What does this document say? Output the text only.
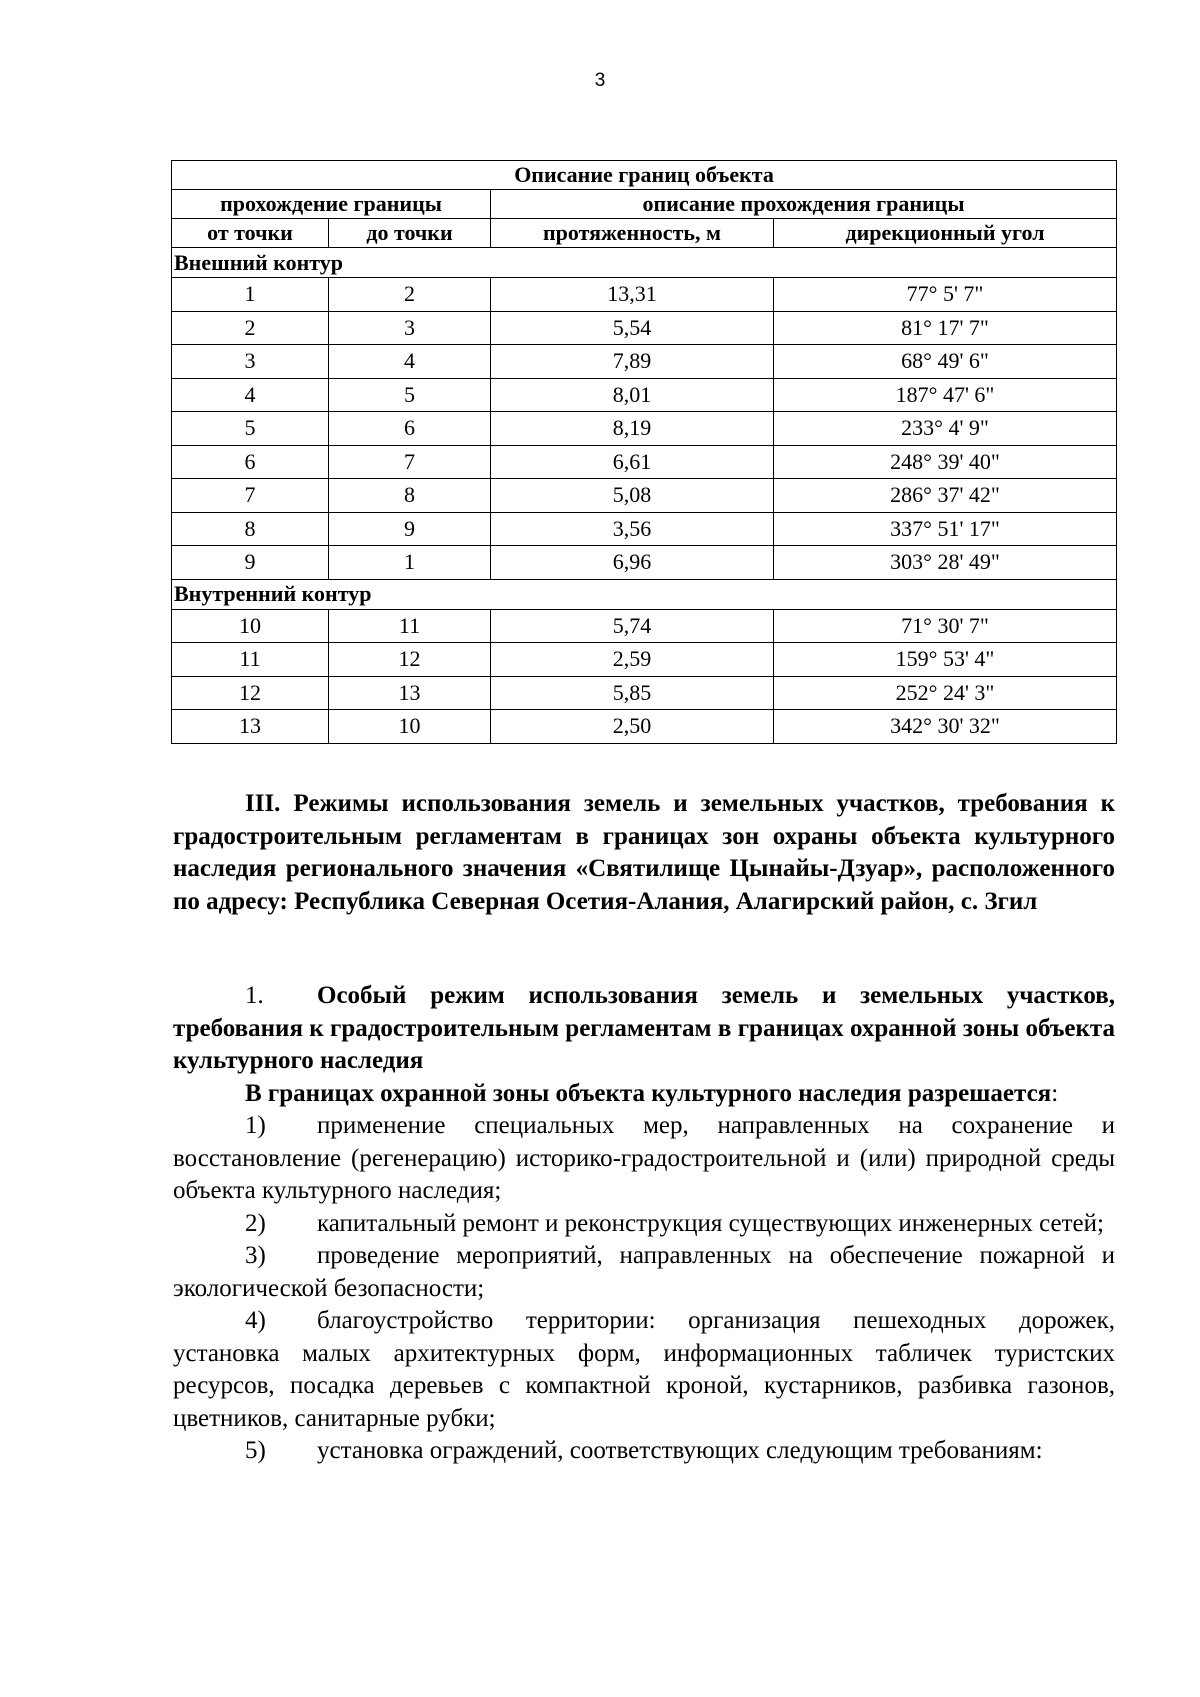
3
Описание границ объекта			
прохождение границы		описание прохождения границы	
от точки	до точки	протяженность, м	дирекционный угол
Внешний контур			
1	2	13,31	77° 5' 7"
2	3	5,54	81° 17' 7"
3	4	7,89	68° 49' 6"
4	5	8,01	187° 47' 6"
5	6	8,19	233° 4' 9"
6	7	6,61	248° 39' 40"
7	8	5,08	286° 37' 42"
8	9	3,56	337° 51' 17"
9	1	6,96	303° 28' 49"
Внутренний контур			
10	11	5,74	71° 30' 7"
11	12	2,59	159° 53' 4"
12	13	5,85	252° 24' 3"
13	10	2,50	342° 30' 32"
III. Режимы использования земель и земельных участков, требования к градостроительным регламентам в границах зон охраны объекта культурного наследия регионального значения «Святилище Цынайы-Дзуар», расположенного по адресу: Республика Северная Осетия-Алания, Алагирский район, с. Згил

1. Особый режим использования земель и земельных участков, требования к градостроительным регламентам в границах охранной зоны объекта культурного наследия

В границах охранной зоны объекта культурного наследия разрешается:

1) применение специальных мер, направленных на сохранение и восстановление (регенерацию) историко-градостроительной и (или) природной среды объекта культурного наследия;

2) капитальный ремонт и реконструкция существующих инженерных сетей;

3) проведение мероприятий, направленных на обеспечение пожарной и экологической безопасности;

4) благоустройство территории: организация пешеходных дорожек, установка малых архитектурных форм, информационных табличек туристских ресурсов, посадка деревьев с компактной кроной, кустарников, разбивка газонов, цветников, санитарные рубки;

5) установка ограждений, соответствующих следующим требованиям:
